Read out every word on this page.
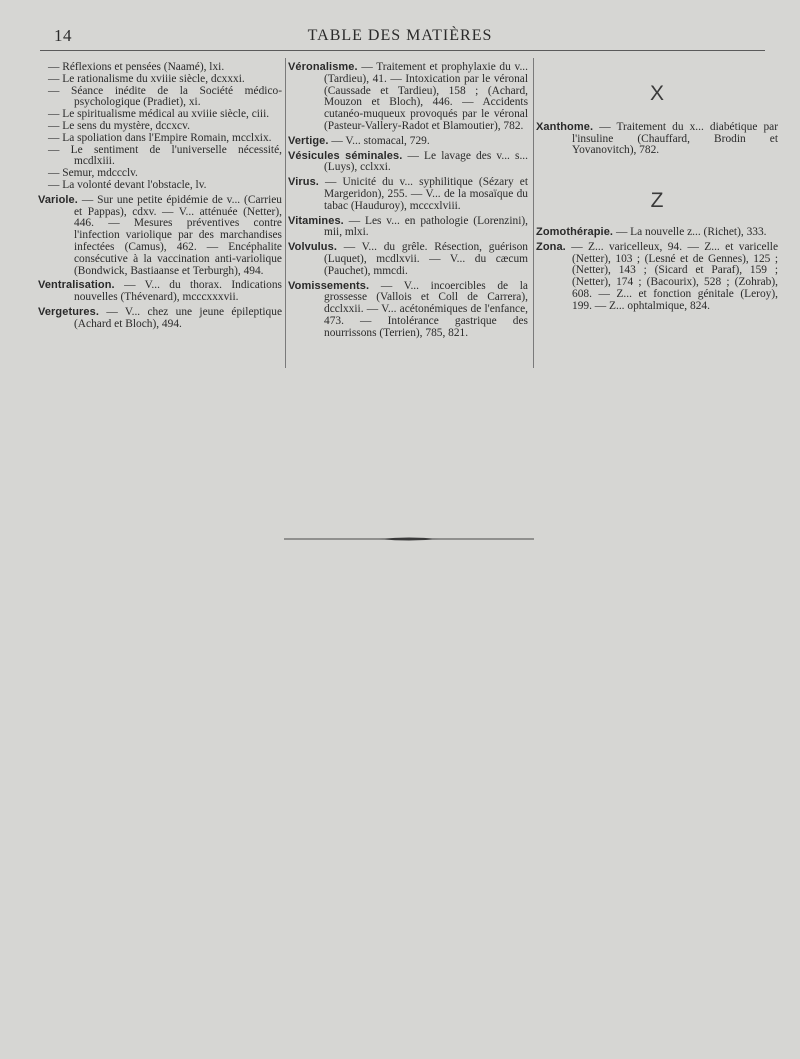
14	TABLE DES MATIÈRES

— Réflexions et pensées (Naamé), lxi.

— Le rationalisme du xviiie siècle, dcxxxi.

— Séance inédite de la Société médico-psychologique (Pradiet), xi.

— Le spiritualisme médical au xviiie siècle, ciii.

— Le sens du mystère, dccxcv.

— La spoliation dans l'Empire Romain, mcclxix.

— Le sentiment de l'universelle nécessité, mcdlxiii.

— Semur, mdccclv.

— La volonté devant l'obstacle, lv.

Variole. — Sur une petite épidémie de v... (Carrieu et Pappas), cdxv. — V... atténuée (Netter), 446. — Mesures préventives contre l'infection variolique par des marchandises infectées (Camus), 462. — Encéphalite consécutive à la vaccination anti-variolique (Bondwick, Bastiaanse et Terburgh), 494.

Ventralisation. — V... du thorax. Indications nouvelles (Thévenard), mcccxxxvii.

Vergetures. — V... chez une jeune épileptique (Achard et Bloch), 494.

Véronalisme. — Traitement et prophylaxie du v... (Tardieu), 41. — Intoxication par le véronal (Caussade et Tardieu), 158 ; (Achard, Mouzon et Bloch), 446. — Accidents cutanéo-muqueux provoqués par le véronal (Pasteur-Vallery-Radot et Blamoutier), 782.

Vertige. — V... stomacal, 729.

Vésicules séminales. — Le lavage des v... s... (Luys), cclxxi.

Virus. — Unicité du v... syphilitique (Sézary et Margeridon), 255. — V... de la mosaïque du tabac (Hauduroy), mcccxlviii.

Vitamines. — Les v... en pathologie (Lorenzini), mii, mlxi.

Volvulus. — V... du grêle. Résection, guérison (Luquet), mcdlxvii. — V... du cæcum (Pauchet), mmcdi.

Vomissements. — V... incoercibles de la grossesse (Vallois et Coll de Carrera), dcclxxii. — V... acétonémiques de l'enfance, 473. — Intolérance gastrique des nourrissons (Terrien), 785, 821.

X

Xanthome. — Traitement du x... diabétique par l'insuline (Chauffard, Brodin et Yovanovitch), 782.

Z

Zomothérapie. — La nouvelle z... (Richet), 333.

Zona. — Z... varicelleux, 94. — Z... et varicelle (Netter), 103 ; (Lesné et de Gennes), 125 ; (Netter), 143 ; (Sicard et Paraf), 159 ; (Netter), 174 ; (Bacourix), 528 ; (Zohrab), 608. — Z... et fonction génitale (Leroy), 199. — Z... ophtalmique, 824.
